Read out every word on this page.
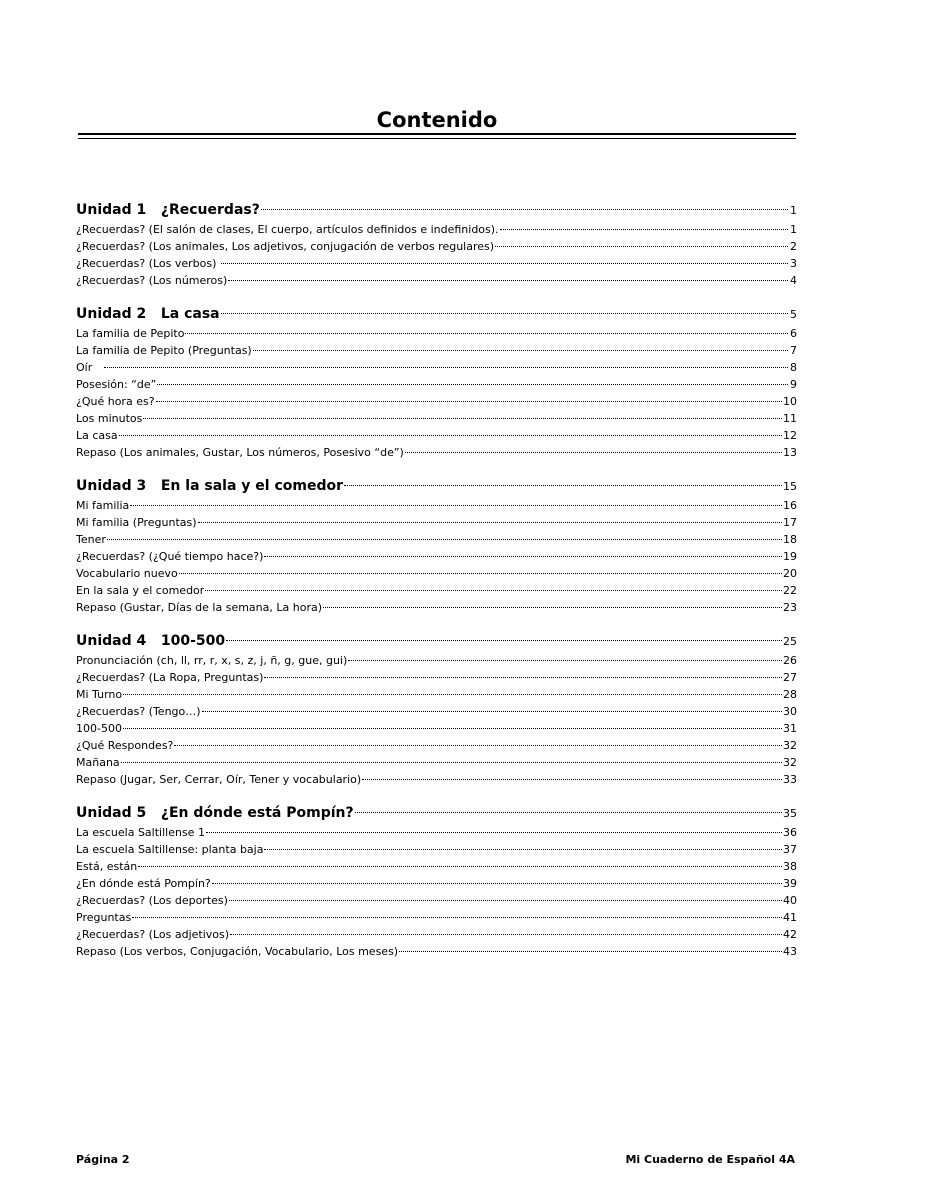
Contenido
Unidad 1   ¿Recuerdas?	1
¿Recuerdas? (El salón de clases, El cuerpo, artículos definidos e indefinidos).	1
¿Recuerdas? (Los animales, Los adjetivos, conjugación de verbos regulares)	2
¿Recuerdas? (Los verbos)	3
¿Recuerdas? (Los números)	4
Unidad 2   La casa	5
La familia de Pepito	6
La familia de Pepito (Preguntas)	7
Oír	8
Posesión: “de”	9
¿Qué hora es?	10
Los minutos	11
La casa	12
Repaso (Los animales, Gustar, Los números, Posesivo “de”)	13
Unidad 3   En la sala y el comedor	15
Mi familia	16
Mi familia (Preguntas)	17
Tener	18
¿Recuerdas? (¿Qué tiempo hace?)	19
Vocabulario nuevo	20
En la sala y el comedor	22
Repaso (Gustar, Días de la semana, La hora)	23
Unidad 4   100-500	25
Pronunciación (ch, ll, rr, r, x, s, z, j, ñ, g, gue, gui)	26
¿Recuerdas? (La Ropa, Preguntas)	27
Mi Turno	28
¿Recuerdas? (Tengo…)	30
100-500	31
¿Qué Respondes?	32
Mañana	32
Repaso (Jugar, Ser, Cerrar, Oír, Tener y vocabulario)	33
Unidad 5   ¿En dónde está Pompín?	35
La escuela Saltillense 1	36
La escuela Saltillense: planta baja	37
Está, están	38
¿En dónde está Pompín?	39
¿Recuerdas? (Los deportes)	40
Preguntas	41
¿Recuerdas? (Los adjetivos)	42
Repaso (Los verbos, Conjugación, Vocabulario, Los meses)	43
Página 2	Mi Cuaderno de Español 4A
